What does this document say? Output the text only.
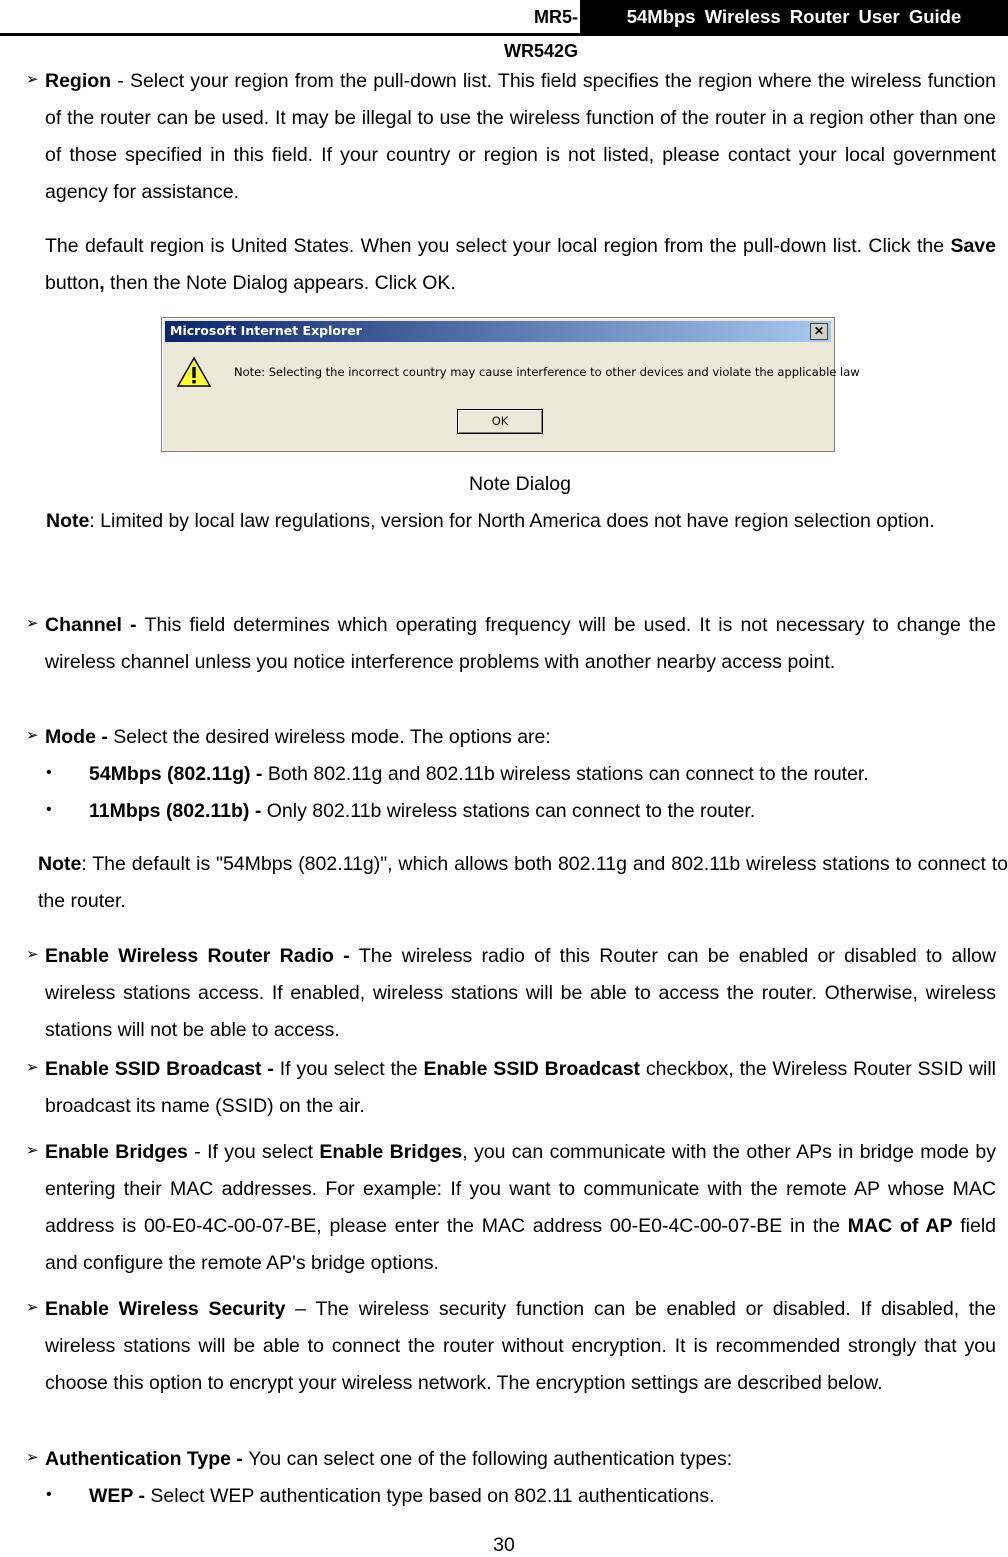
MR5-WR542G
54Mbps Wireless Router User Guide
➢ Region - Select your region from the pull-down list. This field specifies the region where the wireless function of the router can be used. It may be illegal to use the wireless function of the router in a region other than one of those specified in this field. If your country or region is not listed, please contact your local government agency for assistance.
The default region is United States. When you select your local region from the pull-down list. Click the Save button, then the Note Dialog appears. Click OK.
Microsoft Internet Explorer	✕
Note: Selecting the incorrect country may cause interference to other devices and violate the applicable law
OK
Note Dialog
Note: Limited by local law regulations, version for North America does not have region selection option.
➢ Channel - This field determines which operating frequency will be used. It is not necessary to change the wireless channel unless you notice interference problems with another nearby access point.
➢ Mode - Select the desired wireless mode. The options are:
• 54Mbps (802.11g) - Both 802.11g and 802.11b wireless stations can connect to the router.
• 11Mbps (802.11b) - Only 802.11b wireless stations can connect to the router.
Note: The default is "54Mbps (802.11g)", which allows both 802.11g and 802.11b wireless stations to connect to the router.
➢ Enable Wireless Router Radio - The wireless radio of this Router can be enabled or disabled to allow wireless stations access. If enabled, wireless stations will be able to access the router. Otherwise, wireless stations will not be able to access.
➢ Enable SSID Broadcast - If you select the Enable SSID Broadcast checkbox, the Wireless Router SSID will broadcast its name (SSID) on the air.
➢ Enable Bridges - If you select Enable Bridges, you can communicate with the other APs in bridge mode by entering their MAC addresses. For example: If you want to communicate with the remote AP whose MAC address is 00-E0-4C-00-07-BE, please enter the MAC address 00-E0-4C-00-07-BE in the MAC of AP field and configure the remote AP's bridge options.
➢ Enable Wireless Security – The wireless security function can be enabled or disabled. If disabled, the wireless stations will be able to connect the router without encryption. It is recommended strongly that you choose this option to encrypt your wireless network. The encryption settings are described below.
➢ Authentication Type - You can select one of the following authentication types:
• WEP - Select WEP authentication type based on 802.11 authentications.
30
